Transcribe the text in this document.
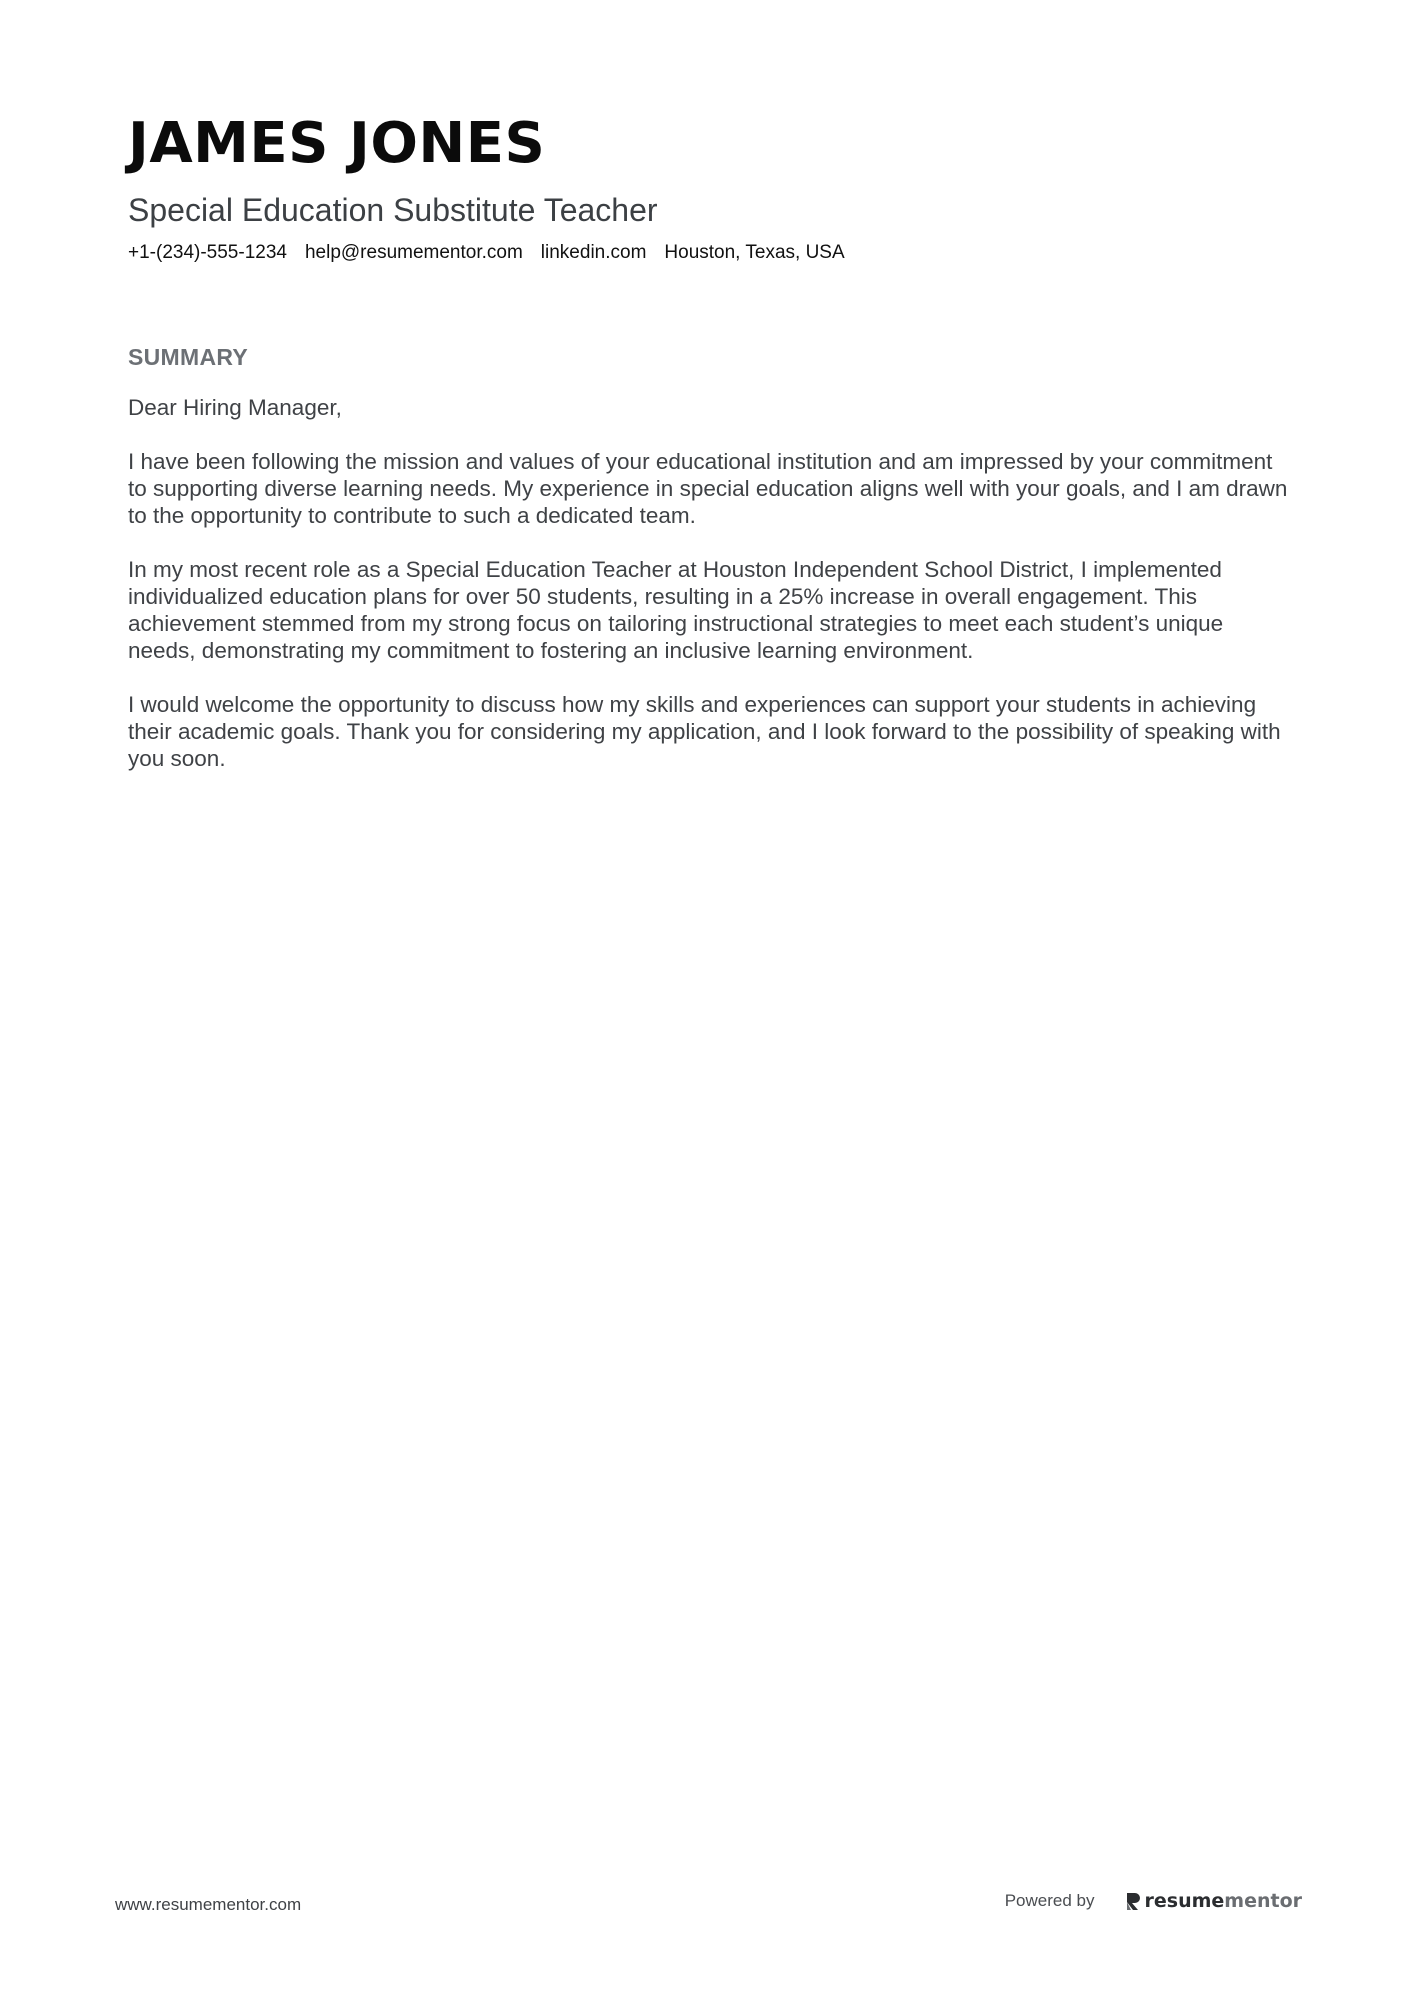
JAMES JONES
Special Education Substitute Teacher
+1-(234)-555-1234 help@resumementor.com linkedin.com Houston, Texas, USA
SUMMARY

Dear Hiring Manager,

I have been following the mission and values of your educational institution and am impressed by your commitment to supporting diverse learning needs. My experience in special education aligns well with your goals, and I am drawn to the opportunity to contribute to such a dedicated team.

In my most recent role as a Special Education Teacher at Houston Independent School District, I implemented individualized education plans for over 50 students, resulting in a 25% increase in overall engagement. This achievement stemmed from my strong focus on tailoring instructional strategies to meet each student’s unique needs, demonstrating my commitment to fostering an inclusive learning environment.

I would welcome the opportunity to discuss how my skills and experiences can support your students in achieving their academic goals. Thank you for considering my application, and I look forward to the possibility of speaking with you soon.

www.resumementor.com	Powered by	resume mentor
